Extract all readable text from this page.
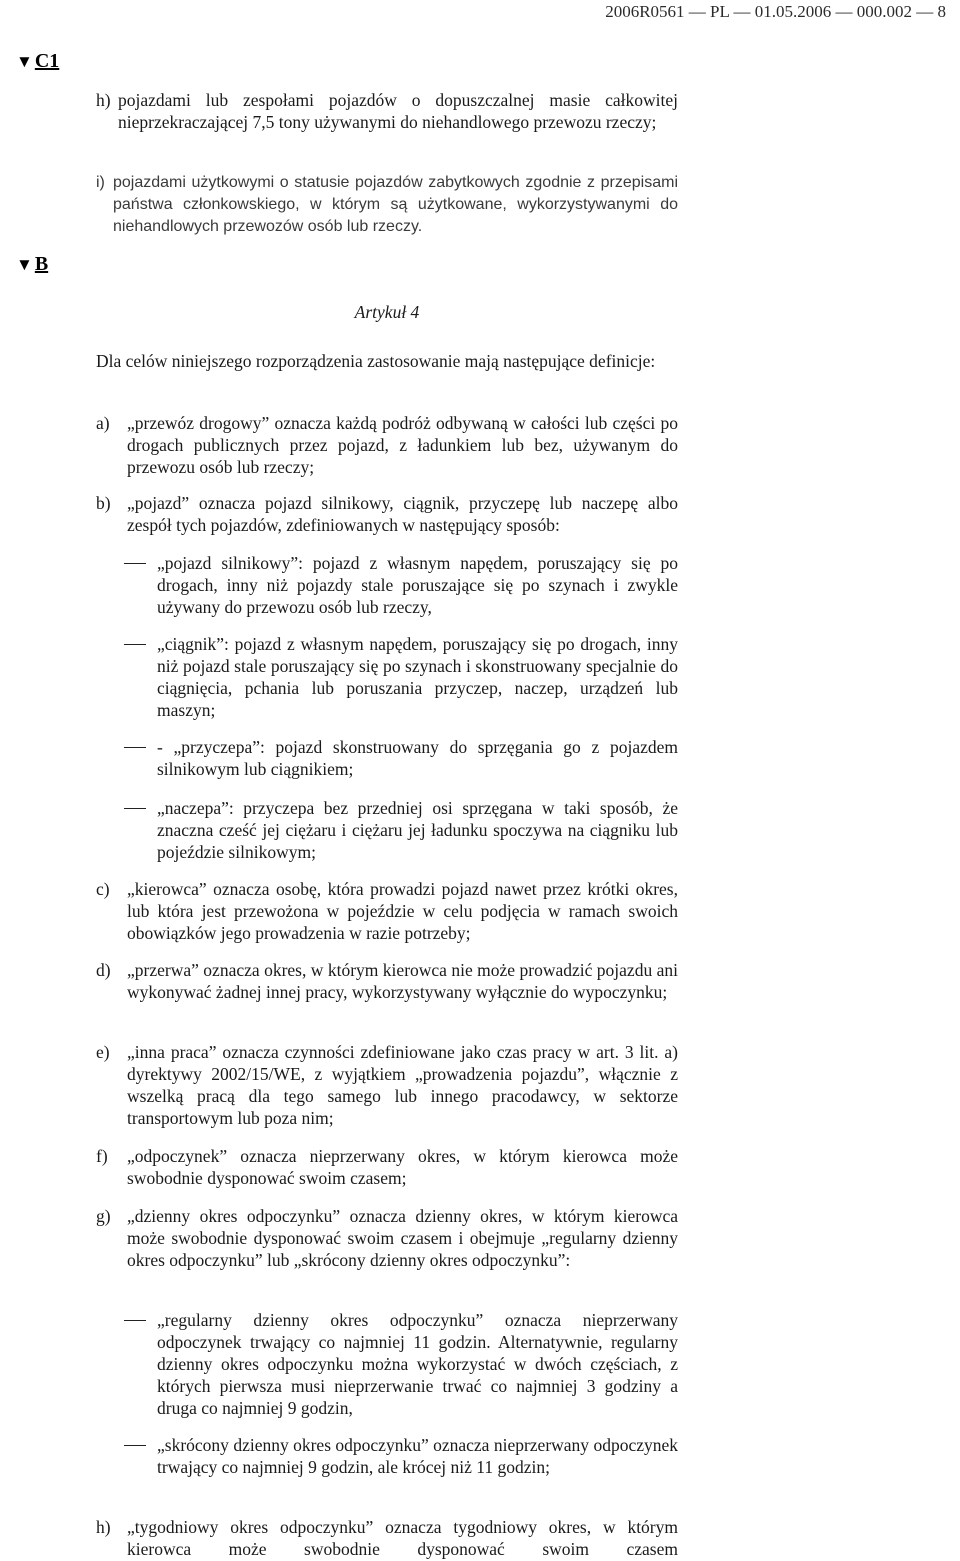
2006R0561 — PL — 01.05.2006 — 000.002 — 8
▼ C1
h) pojazdami lub zespołami pojazdów o dopuszczalnej masie całkowitej nieprzekraczającej 7,5 tony używanymi do niehandlowego przewozu rzeczy;
i) pojazdami użytkowymi o statusie pojazdów zabytkowych zgodnie z przepisami państwa członkowskiego, w którym są użytkowane, wykorzystywanymi do niehandlowych przewozów osób lub rzeczy.
▼ B
Artykuł 4

Dla celów niniejszego rozporządzenia zastosowanie mają następujące definicje:

a) „przewóz drogowy” oznacza każdą podróż odbywaną w całości lub części po drogach publicznych przez pojazd, z ładunkiem lub bez, używanym do przewozu osób lub rzeczy;
b) „pojazd” oznacza pojazd silnikowy, ciągnik, przyczepę lub naczepę albo zespół tych pojazdów, zdefiniowanych w następujący sposób:
„pojazd silnikowy”: pojazd z własnym napędem, poruszający się po drogach, inny niż pojazdy stale poruszające się po szynach i zwykle używany do przewozu osób lub rzeczy,
„ciągnik”: pojazd z własnym napędem, poruszający się po drogach, inny niż pojazd stale poruszający się po szynach i skonstruowany specjalnie do ciągnięcia, pchania lub poruszania przyczep, naczep, urządzeń lub maszyn;
- „przyczepa”: pojazd skonstruowany do sprzęgania go z pojazdem silnikowym lub ciągnikiem;
„naczepa”: przyczepa bez przedniej osi sprzęgana w taki sposób, że znaczna cześć jej ciężaru i ciężaru jej ładunku spoczywa na ciągniku lub pojeździe silnikowym;
c) „kierowca” oznacza osobę, która prowadzi pojazd nawet przez krótki okres, lub która jest przewożona w pojeździe w celu podjęcia w ramach swoich obowiązków jego prowadzenia w razie potrzeby;
d) „przerwa” oznacza okres, w którym kierowca nie może prowadzić pojazdu ani wykonywać żadnej innej pracy, wykorzystywany wyłącznie do wypoczynku;
e) „inna praca” oznacza czynności zdefiniowane jako czas pracy w art. 3 lit. a) dyrektywy 2002/15/WE, z wyjątkiem „prowadzenia pojazdu”, włącznie z wszelką pracą dla tego samego lub innego pracodawcy, w sektorze transportowym lub poza nim;
f) „odpoczynek” oznacza nieprzerwany okres, w którym kierowca może swobodnie dysponować swoim czasem;
g) „dzienny okres odpoczynku” oznacza dzienny okres, w którym kierowca może swobodnie dysponować swoim czasem i obejmuje „regularny dzienny okres odpoczynku” lub „skrócony dzienny okres odpoczynku”:
„regularny dzienny okres odpoczynku” oznacza nieprzerwany odpoczynek trwający co najmniej 11 godzin. Alternatywnie, regularny dzienny okres odpoczynku można wykorzystać w dwóch częściach, z których pierwsza musi nieprzerwanie trwać co najmniej 3 godziny a druga co najmniej 9 godzin,
„skrócony dzienny okres odpoczynku” oznacza nieprzerwany odpoczynek trwający co najmniej 9 godzin, ale krócej niż 11 godzin;
h) „tygodniowy okres odpoczynku” oznacza tygodniowy okres, w którym kierowca może swobodnie dysponować swoim czasem
